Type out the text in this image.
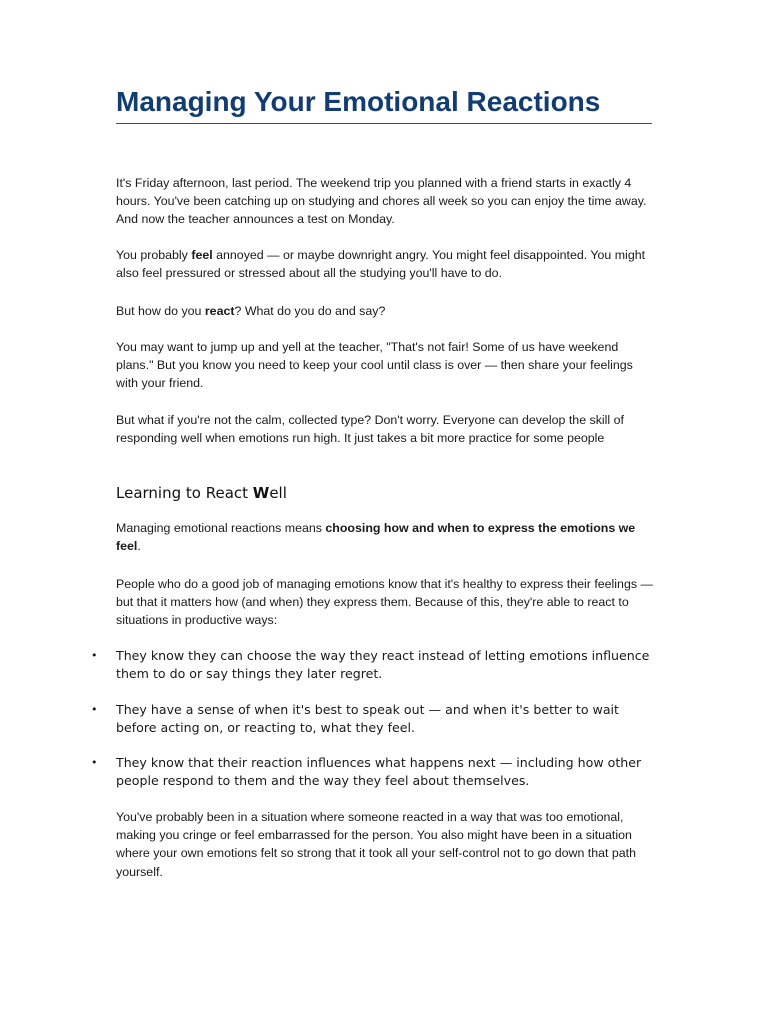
Managing Your Emotional Reactions

It's Friday afternoon, last period. The weekend trip you planned with a friend starts in exactly 4 hours. You've been catching up on studying and chores all week so you can enjoy the time away. And now the teacher announces a test on Monday.

You probably feel annoyed — or maybe downright angry. You might feel disappointed. You might also feel pressured or stressed about all the studying you'll have to do.

But how do you react? What do you do and say?

You may want to jump up and yell at the teacher, "That's not fair! Some of us have weekend plans." But you know you need to keep your cool until class is over — then share your feelings with your friend.

But what if you're not the calm, collected type? Don't worry. Everyone can develop the skill of responding well when emotions run high. It just takes a bit more practice for some people

Learning to React Well

Managing emotional reactions means choosing how and when to express the emotions we feel.

People who do a good job of managing emotions know that it's healthy to express their feelings — but that it matters how (and when) they express them. Because of this, they're able to react to situations in productive ways:

• They know they can choose the way they react instead of letting emotions influence them to do or say things they later regret.
• They have a sense of when it's best to speak out — and when it's better to wait before acting on, or reacting to, what they feel.
• They know that their reaction influences what happens next — including how other people respond to them and the way they feel about themselves.

You've probably been in a situation where someone reacted in a way that was too emotional, making you cringe or feel embarrassed for the person. You also might have been in a situation where your own emotions felt so strong that it took all your self-control not to go down that path yourself.
